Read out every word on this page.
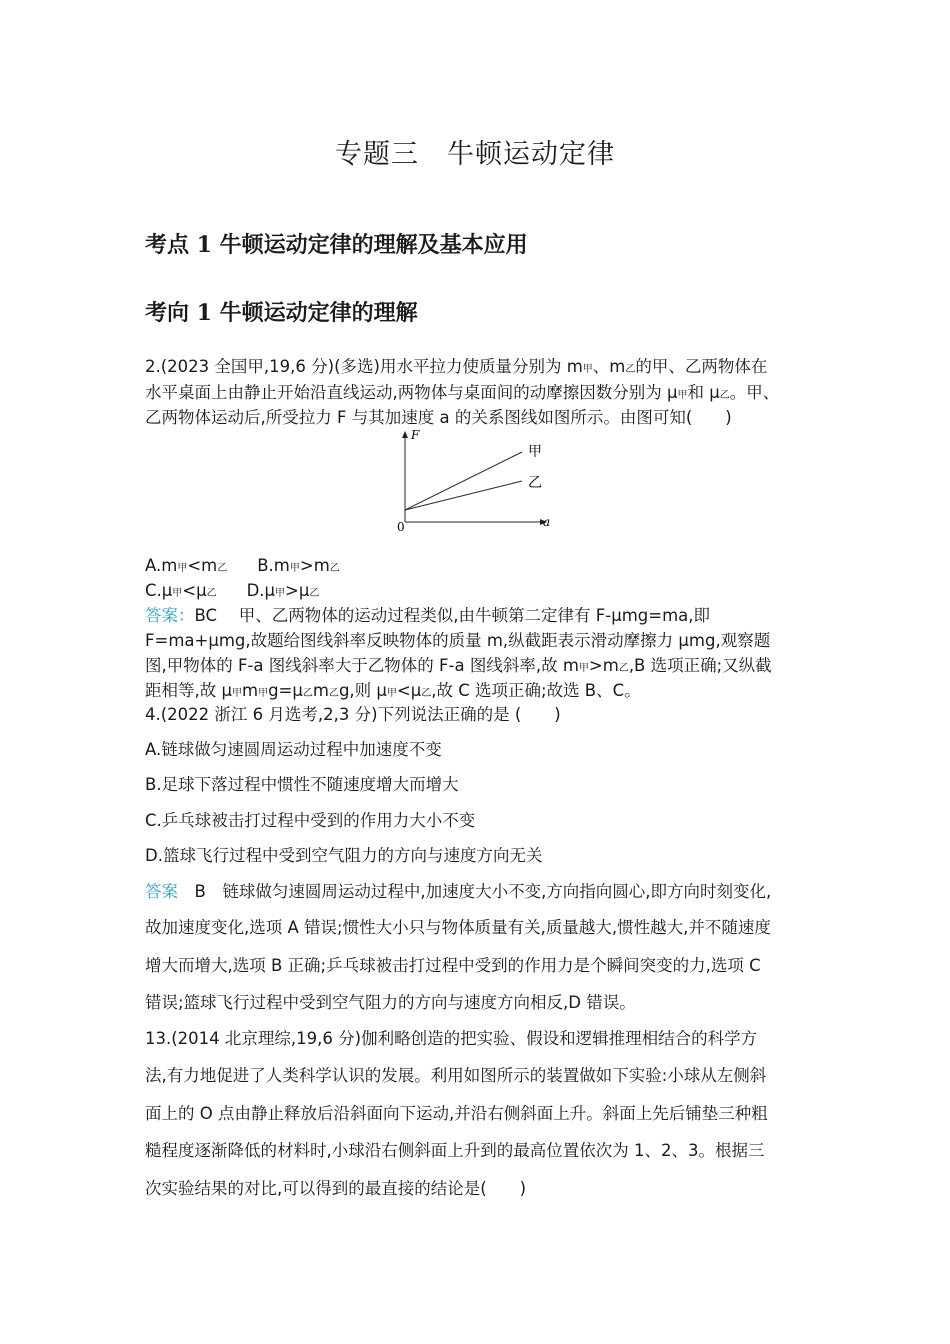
专题三　牛顿运动定律
考点 1 牛顿运动定律的理解及基本应用
考向 1 牛顿运动定律的理解
2.(2023 全国甲,19,6 分)(多选)用水平拉力使质量分别为 m甲、m乙的甲、乙两物体在
水平桌面上由静止开始沿直线运动,两物体与桌面间的动摩擦因数分别为 μ甲和 μ乙。甲、
乙两物体运动后,所受拉力 F 与其加速度 a 的关系图线如图所示。由图可知(　　)
F
a
0
甲
乙
A.m甲<m乙 B.m甲>m乙
C.μ甲<μ乙 D.μ甲>μ乙
答案：BC　 甲、乙两物体的运动过程类似,由牛顿第二定律有 F-μmg=ma,即
F=ma+μmg,故题给图线斜率反映物体的质量 m,纵截距表示滑动摩擦力 μmg,观察题
图,甲物体的 F-a 图线斜率大于乙物体的 F-a 图线斜率,故 m甲>m乙,B 选项正确;又纵截
距相等,故 μ甲m甲g=μ乙m乙g,则 μ甲<μ乙,故 C 选项正确;故选 B、C。
4.(2022 浙江 6 月选考,2,3 分)下列说法正确的是 (　　)
A.链球做匀速圆周运动过程中加速度不变
B.足球下落过程中惯性不随速度增大而增大
C.乒乓球被击打过程中受到的作用力大小不变
D.篮球飞行过程中受到空气阻力的方向与速度方向无关
答案　 B　链球做匀速圆周运动过程中,加速度大小不变,方向指向圆心,即方向时刻变化,
故加速度变化,选项 A 错误;惯性大小只与物体质量有关,质量越大,惯性越大,并不随速度
增大而增大,选项 B 正确;乒乓球被击打过程中受到的作用力是个瞬间突变的力,选项 C
错误;篮球飞行过程中受到空气阻力的方向与速度方向相反,D 错误。
13.(2014 北京理综,19,6 分)伽利略创造的把实验、假设和逻辑推理相结合的科学方
法,有力地促进了人类科学认识的发展。利用如图所示的装置做如下实验:小球从左侧斜
面上的 O 点由静止释放后沿斜面向下运动,并沿右侧斜面上升。斜面上先后铺垫三种粗
糙程度逐渐降低的材料时,小球沿右侧斜面上升到的最高位置依次为 1、2、3。根据三
次实验结果的对比,可以得到的最直接的结论是(　　)
